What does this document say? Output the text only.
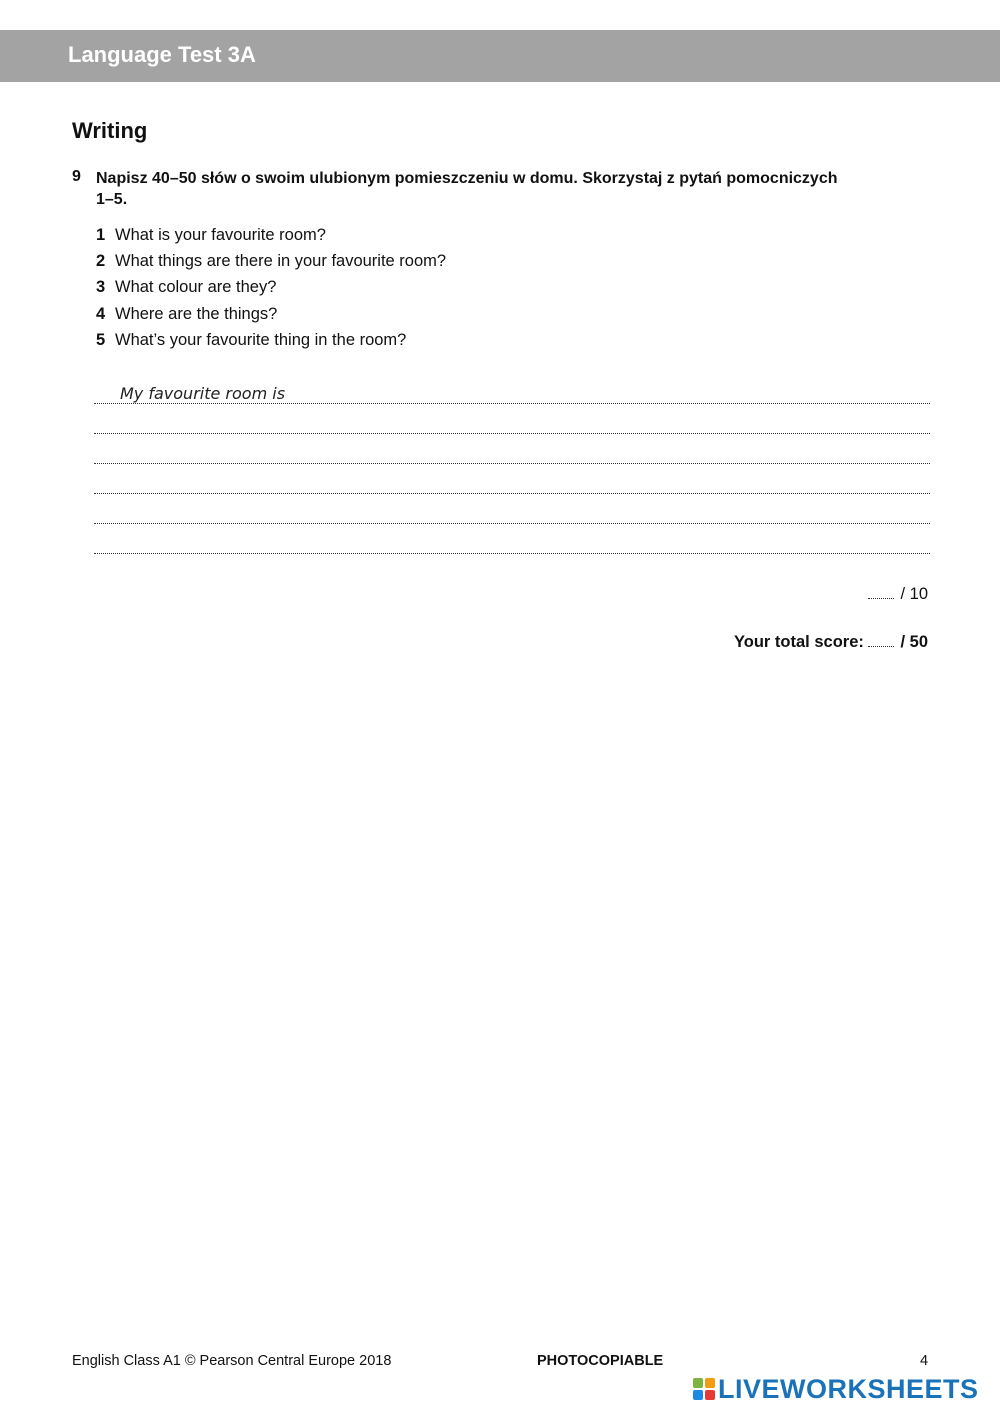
Language Test 3A
Writing
9 Napisz 40–50 słów o swoim ulubionym pomieszczeniu w domu. Skorzystaj z pytań pomocniczych 1–5.
1 What is your favourite room?
2 What things are there in your favourite room?
3 What colour are they?
4 Where are the things?
5 What’s your favourite thing in the room?
My favourite room is
/ 10
Your total score: / 50
English Class A1 © Pearson Central Europe 2018	PHOTOCOPIABLE	4
LIVEWORKSHEETS
